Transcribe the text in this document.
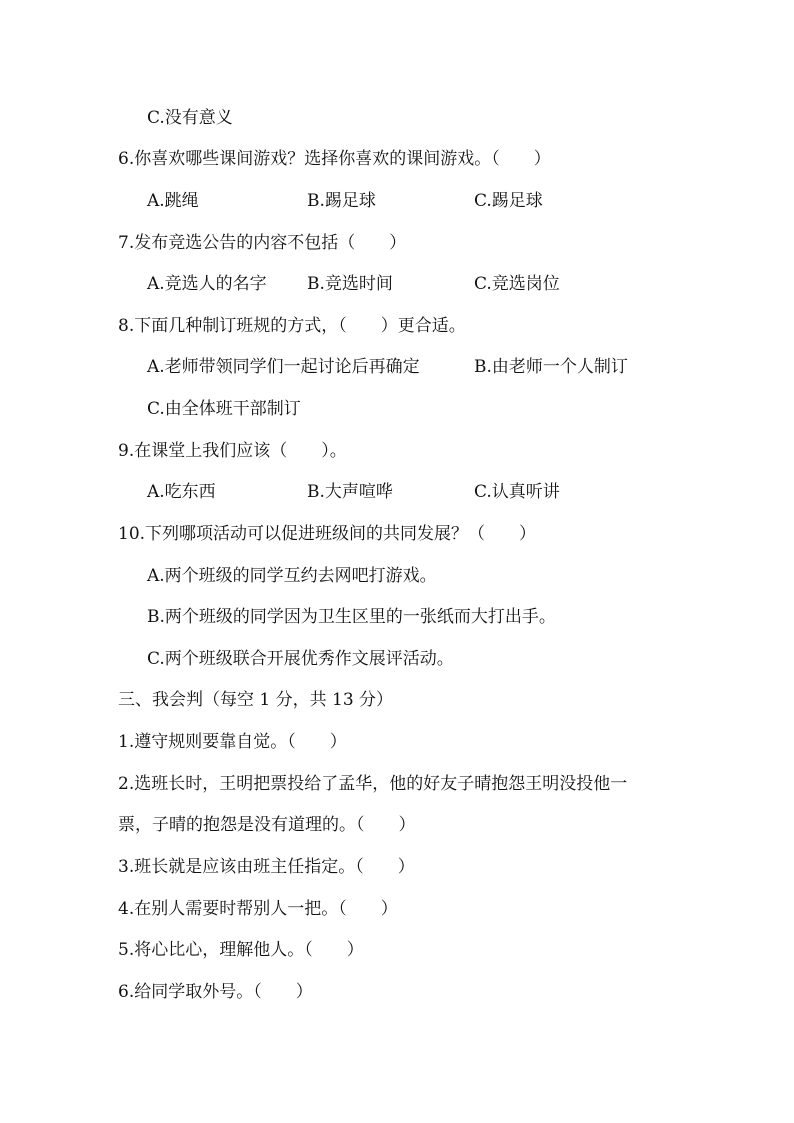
C.没有意义
6.你喜欢哪些课间游戏？选择你喜欢的课间游戏。（　　）
A.跳绳	B.踢足球	C.踢足球
7.发布竞选公告的内容不包括（　　）
A.竞选人的名字 B.竞选时间	C.竞选岗位
8.下面几种制订班规的方式，（　　）更合适。
A.老师带领同学们一起讨论后再确定	B.由老师一个人制订
C.由全体班干部制订
9.在课堂上我们应该（　　）。
A.吃东西	B.大声喧哗	C.认真听讲
10.下列哪项活动可以促进班级间的共同发展？（　　）
A.两个班级的同学互约去网吧打游戏。
B.两个班级的同学因为卫生区里的一张纸而大打出手。
C.两个班级联合开展优秀作文展评活动。
三、我会判（每空 1 分，共 13 分）
1.遵守规则要靠自觉。（　　）
2.选班长时，王明把票投给了孟华，他的好友子晴抱怨王明没投他一
票，子晴的抱怨是没有道理的。（　　）
3.班长就是应该由班主任指定。（　　）
4.在别人需要时帮别人一把。（　　）
5.将心比心，理解他人。（　　）
6.给同学取外号。（　　）
